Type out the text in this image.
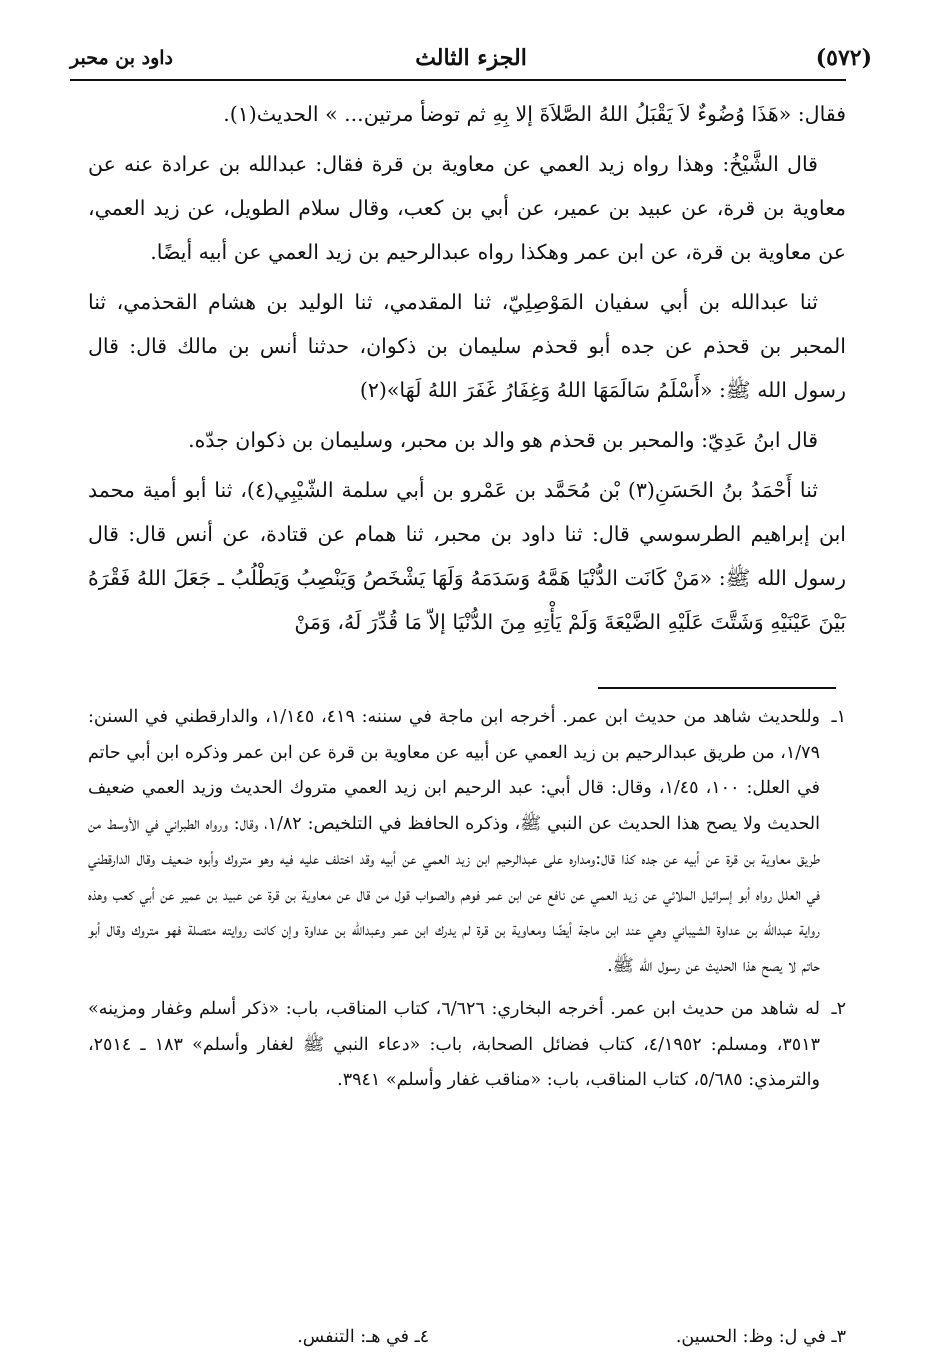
(٥٧٢)
الجزء الثالث
داود بن محبر

فقال: «هَذَا وُضُوءٌ لاَ يَقْبَلُ اللهُ الصَّلاَةَ إلا بِهِ ثم توضأ مرتين... » الحديث(١).

قال الشَّيْخُ: وهذا رواه زيد العمي عن معاوية بن قرة فقال: عبدالله بن عرادة عنه عن معاوية بن قرة، عن عبيد بن عمير، عن أبي بن كعب، وقال سلام الطويل، عن زيد العمي، عن معاوية بن قرة، عن ابن عمر وهكذا رواه عبدالرحيم بن زيد العمي عن أبيه أيضًا.

ثنا عبدالله بن أبي سفيان المَوْصِلِيّ، ثنا المقدمي، ثنا الوليد بن هشام القحذمي، ثنا المحبر بن قحذم عن جده أبو قحذم سليمان بن ذكوان، حدثنا أنس بن مالك قال: قال رسول الله ﷺ: «أَسْلَمُ سَالَمَهَا اللهُ وَغِفَارُ غَفَرَ اللهُ لَهَا»(٢)

قال ابنُ عَدِيّ: والمحبر بن قحذم هو والد بن محبر، وسليمان بن ذكوان جدّه.

ثنا أَحْمَدُ بنُ الحَسَنِ(٣) بْن مُحَمَّد بن عَمْرو بن أبي سلمة الشّيْبِي(٤)، ثنا أبو أمية محمد ابن إبراهيم الطرسوسي قال: ثنا داود بن محبر، ثنا همام عن قتادة، عن أنس قال: قال رسول الله ﷺ: «مَنْ كَانَت الدُّنْيَا هَمَّهُ وَسَدَمَهُ وَلَهَا يَشْخَصُ وَيَنْصِبُ وَيَطْلُبُ ـ جَعَلَ اللهُ فَقْرَهُ بَيْنَ عَيْنَيْهِ وَشَتَّتَ عَلَيْهِ الضَّيْعَةَ وَلَمْ يَأْتِهِ مِنَ الدُّنْيَا إلاّ مَا قُدِّرَ لَهُ، وَمَنْ

١ـ
وللحديث شاهد من حديث ابن عمر. أخرجه ابن ماجة في سننه: ٤١٩، ١/١٤٥، والدارقطني في السنن: ١/٧٩، من طريق عبدالرحيم بن زيد العمي عن أبيه عن معاوية بن قرة عن ابن عمر وذكره ابن أبي حاتم في العلل: ١٠٠، ١/٤٥، وقال: قال أبي: عبد الرحيم ابن زيد العمي متروك الحديث وزيد العمي ضعيف الحديث ولا يصح هذا الحديث عن النبي ﷺ، وذكره الحافظ في التلخيص: ١/٨٢، وقال: ورواه الطبراني في الأوسط من طريق معاوية بن قرة عن أبيه عن جده كذا قال:ومداره على عبدالرحيم ابن زيد العمي عن أبيه وقد اختلف عليه فيه وهو متروك وأبوه ضعيف وقال الدارقطني في العلل رواه أبو إسرائيل الملائي عن زيد العمي عن نافع عن ابن عمر فوهم والصواب قول من قال عن معاوية بن قرة عن عبيد بن عمير عن أبي كعب وهذه رواية عبدالله بن عداوة الشيباني وهي عند ابن ماجة أيضًا ومعاوية بن قرة لم يدرك ابن عمر وعبدالله بن عداوة وإن كانت روايته متصلة فهو متروك وقال أبو حاتم لا يصح هذا الحديث عن رسول الله ﷺ.
٢ـ
له شاهد من حديث ابن عمر. أخرجه البخاري: ٦/٦٢٦، كتاب المناقب، باب: «ذكر أسلم وغفار ومزينه» ٣٥١٣، ومسلم: ٤/١٩٥٢، كتاب فضائل الصحابة، باب: «دعاء النبي ﷺ لغفار وأسلم» ١٨٣ ـ ٢٥١٤، والترمذي: ٥/٦٨٥، كتاب المناقب، باب: «مناقب غفار وأسلم» ٣٩٤١.
٣ـ في ل: وظ: الحسين.
٤ـ في هـ: التنفس.
